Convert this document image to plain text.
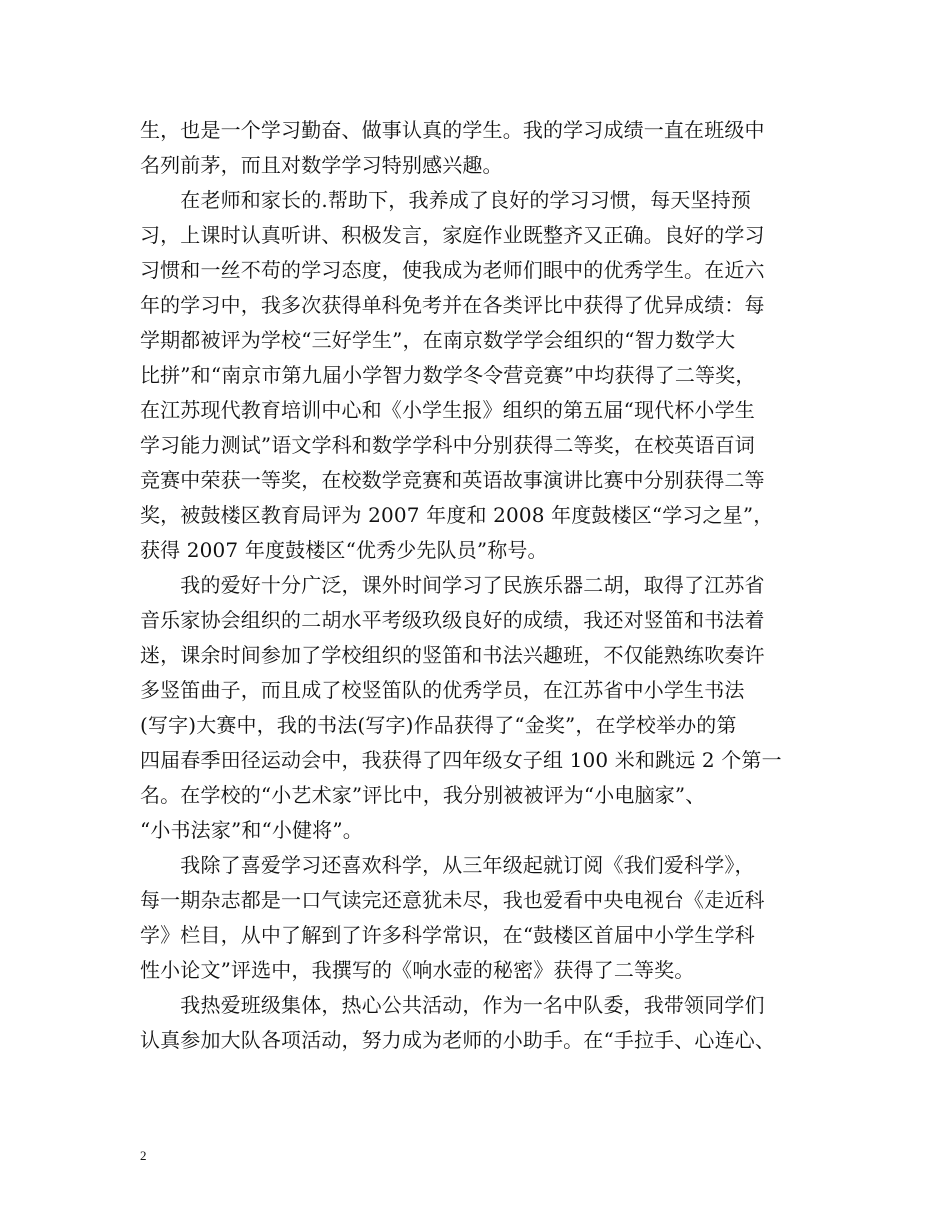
生，也是一个学习勤奋、做事认真的学生。我的学习成绩一直在班级中
名列前茅，而且对数学学习特别感兴趣。
　　在老师和家长的.帮助下，我养成了良好的学习习惯，每天坚持预
习，上课时认真听讲、积极发言，家庭作业既整齐又正确。良好的学习
习惯和一丝不苟的学习态度，使我成为老师们眼中的优秀学生。在近六
年的学习中，我多次获得单科免考并在各类评比中获得了优异成绩：每
学期都被评为学校“三好学生”，在南京数学学会组织的“智力数学大
比拼”和“南京市第九届小学智力数学冬令营竞赛”中均获得了二等奖，
在江苏现代教育培训中心和《小学生报》组织的第五届“现代杯小学生
学习能力测试”语文学科和数学学科中分别获得二等奖，在校英语百词
竞赛中荣获一等奖，在校数学竞赛和英语故事演讲比赛中分别获得二等
奖，被鼓楼区教育局评为 2007 年度和 2008 年度鼓楼区“学习之星”，
获得 2007 年度鼓楼区“优秀少先队员”称号。
　　我的爱好十分广泛，课外时间学习了民族乐器二胡，取得了江苏省
音乐家协会组织的二胡水平考级玖级良好的成绩，我还对竖笛和书法着
迷，课余时间参加了学校组织的竖笛和书法兴趣班，不仅能熟练吹奏许
多竖笛曲子，而且成了校竖笛队的优秀学员，在江苏省中小学生书法
(写字)大赛中，我的书法(写字)作品获得了“金奖”，在学校举办的第
四届春季田径运动会中，我获得了四年级女子组 100 米和跳远 2 个第一
名。在学校的“小艺术家”评比中，我分别被被评为“小电脑家”、
“小书法家”和“小健将”。
　　我除了喜爱学习还喜欢科学，从三年级起就订阅《我们爱科学》，
每一期杂志都是一口气读完还意犹未尽，我也爱看中央电视台《走近科
学》栏目，从中了解到了许多科学常识，在“鼓楼区首届中小学生学科
性小论文”评选中，我撰写的《响水壶的秘密》获得了二等奖。
　　我热爱班级集体，热心公共活动，作为一名中队委，我带领同学们
认真参加大队各项活动，努力成为老师的小助手。在“手拉手、心连心、
2
